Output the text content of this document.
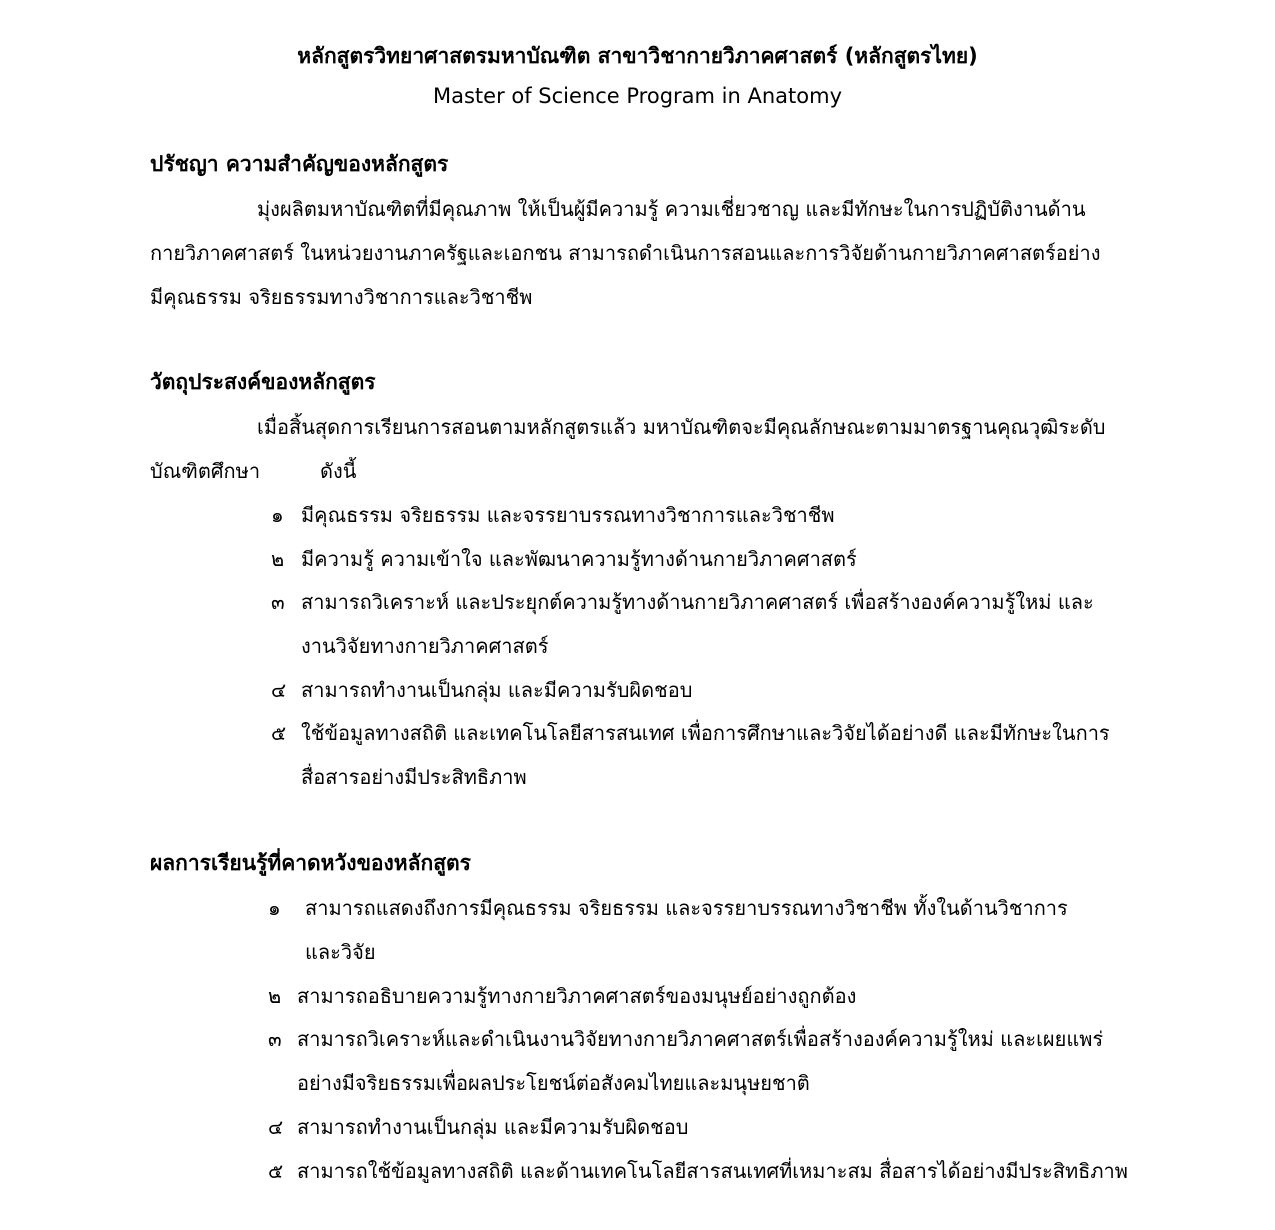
หลักสูตรวิทยาศาสตรมหาบัณฑิต สาขาวิชากายวิภาคศาสตร์ (หลักสูตรไทย)
Master of Science Program in Anatomy
ปรัชญา ความสำคัญของหลักสูตร
มุ่งผลิตมหาบัณฑิตที่มีคุณภาพ ให้เป็นผู้มีความรู้ ความเชี่ยวชาญ และมีทักษะในการปฏิบัติงานด้าน
กายวิภาคศาสตร์ ในหน่วยงานภาครัฐและเอกชน สามารถดำเนินการสอนและการวิจัยด้านกายวิภาคศาสตร์อย่าง
มีคุณธรรม จริยธรรมทางวิชาการและวิชาชีพ
วัตถุประสงค์ของหลักสูตร
เมื่อสิ้นสุดการเรียนการสอนตามหลักสูตรแล้ว มหาบัณฑิตจะมีคุณลักษณะตามมาตรฐานคุณวุฒิระดับ
บัณฑิตศึกษา	ดังนี้
๑ มีคุณธรรม จริยธรรม และจรรยาบรรณทางวิชาการและวิชาชีพ
๒ มีความรู้ ความเข้าใจ และพัฒนาความรู้ทางด้านกายวิภาคศาสตร์
๓ สามารถวิเคราะห์ และประยุกต์ความรู้ทางด้านกายวิภาคศาสตร์ เพื่อสร้างองค์ความรู้ใหม่ และ
งานวิจัยทางกายวิภาคศาสตร์
๔ สามารถทำงานเป็นกลุ่ม และมีความรับผิดชอบ
๕ ใช้ข้อมูลทางสถิติ และเทคโนโลยีสารสนเทศ เพื่อการศึกษาและวิจัยได้อย่างดี และมีทักษะในการ
สื่อสารอย่างมีประสิทธิภาพ
ผลการเรียนรู้ที่คาดหวังของหลักสูตร
๑ สามารถแสดงถึงการมีคุณธรรม จริยธรรม และจรรยาบรรณทางวิชาชีพ ทั้งในด้านวิชาการ
และวิจัย
๒ สามารถอธิบายความรู้ทางกายวิภาคศาสตร์ของมนุษย์อย่างถูกต้อง
๓ สามารถวิเคราะห์และดำเนินงานวิจัยทางกายวิภาคศาสตร์เพื่อสร้างองค์ความรู้ใหม่ และเผยแพร่
อย่างมีจริยธรรมเพื่อผลประโยชน์ต่อสังคมไทยและมนุษยชาติ
๔ สามารถทำงานเป็นกลุ่ม และมีความรับผิดชอบ
๕ สามารถใช้ข้อมูลทางสถิติ และด้านเทคโนโลยีสารสนเทศที่เหมาะสม สื่อสารได้อย่างมีประสิทธิภาพ
